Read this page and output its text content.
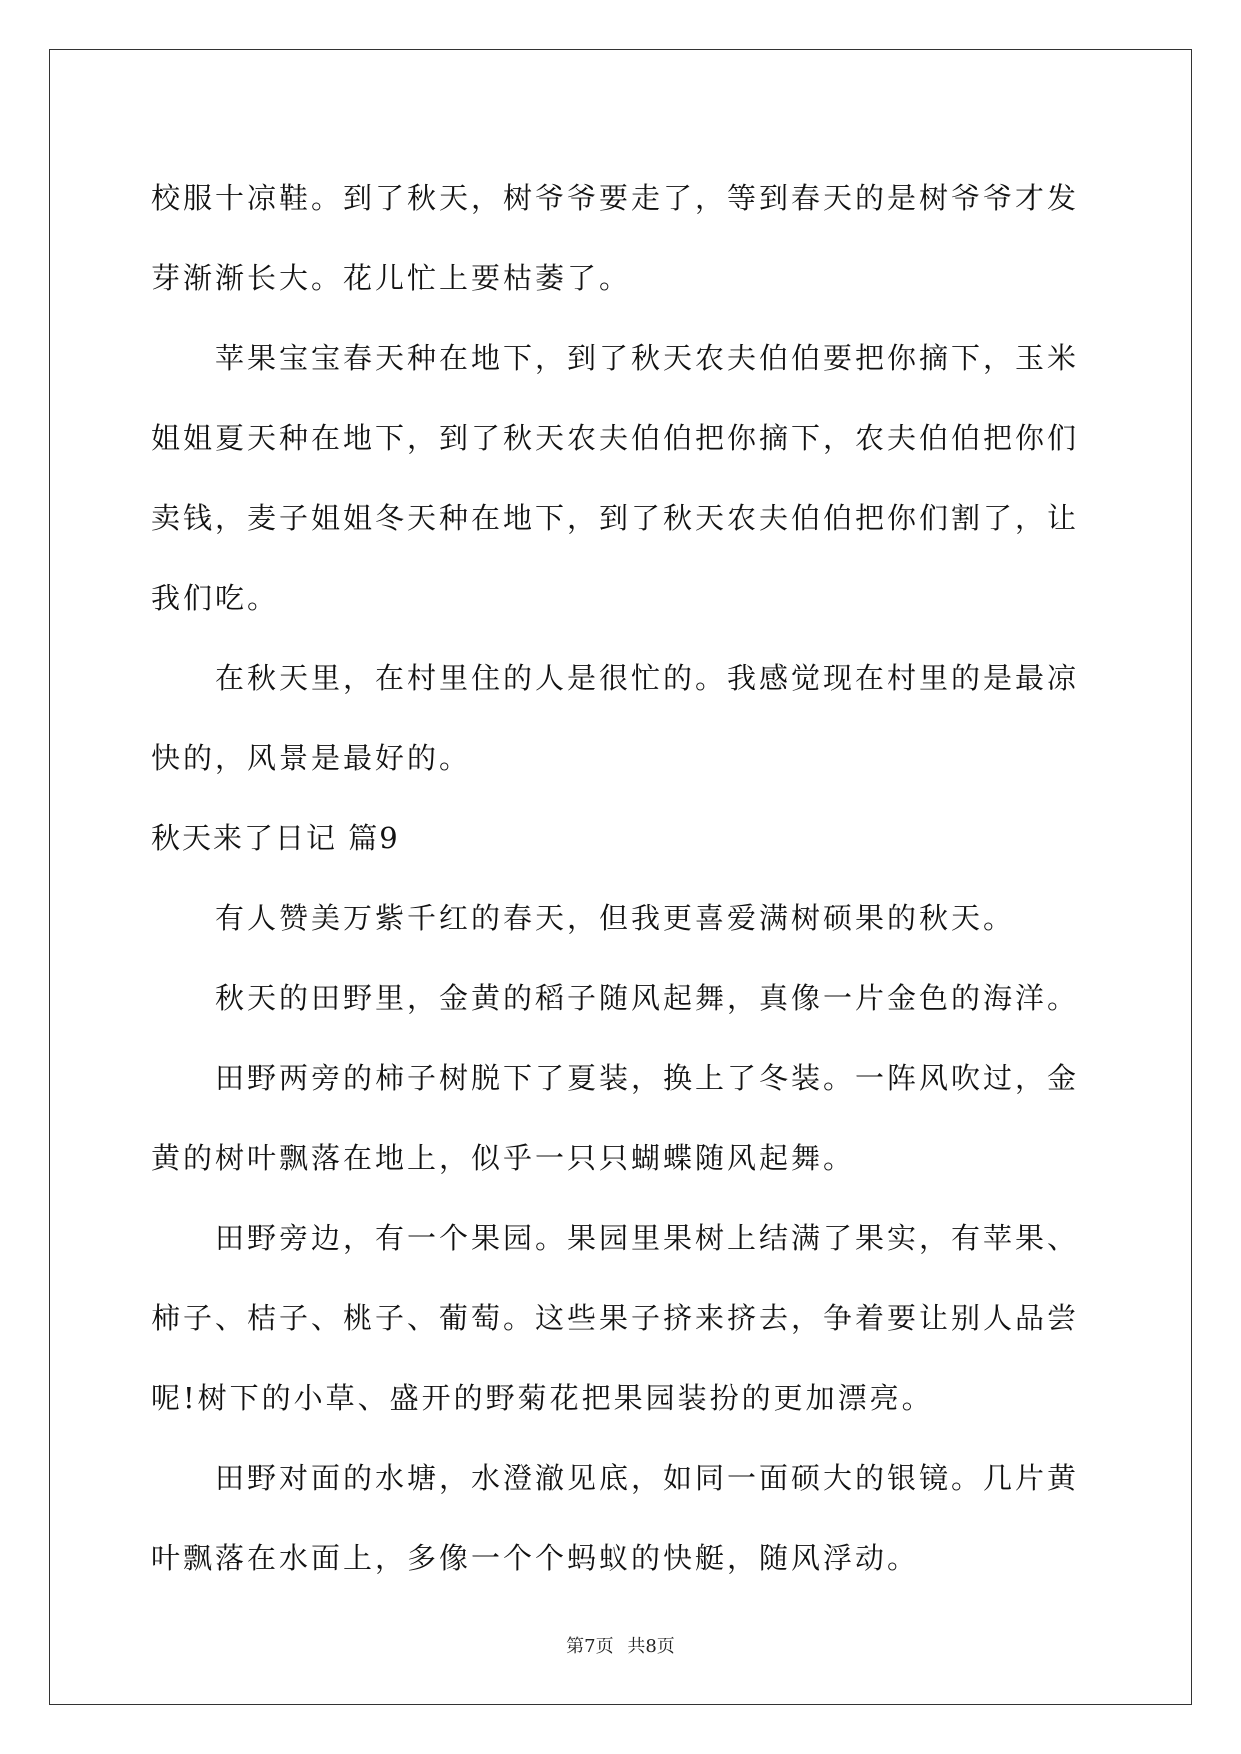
校服十凉鞋。到了秋天，树爷爷要走了，等到春天的是树爷爷才发芽渐渐长大。花儿忙上要枯萎了。

苹果宝宝春天种在地下，到了秋天农夫伯伯要把你摘下，玉米姐姐夏天种在地下，到了秋天农夫伯伯把你摘下，农夫伯伯把你们卖钱，麦子姐姐冬天种在地下，到了秋天农夫伯伯把你们割了，让我们吃。

在秋天里，在村里住的人是很忙的。我感觉现在村里的是最凉快的，风景是最好的。

秋天来了日记 篇9

有人赞美万紫千红的春天，但我更喜爱满树硕果的秋天。

秋天的田野里，金黄的稻子随风起舞，真像一片金色的海洋。

田野两旁的柿子树脱下了夏装，换上了冬装。一阵风吹过，金黄的树叶飘落在地上，似乎一只只蝴蝶随风起舞。

田野旁边，有一个果园。果园里果树上结满了果实，有苹果、柿子、桔子、桃子、葡萄。这些果子挤来挤去，争着要让别人品尝呢!树下的小草、盛开的野菊花把果园装扮的更加漂亮。

田野对面的水塘，水澄澈见底，如同一面硕大的银镜。几片黄叶飘落在水面上，多像一个个蚂蚁的快艇，随风浮动。

第7页 共8页
